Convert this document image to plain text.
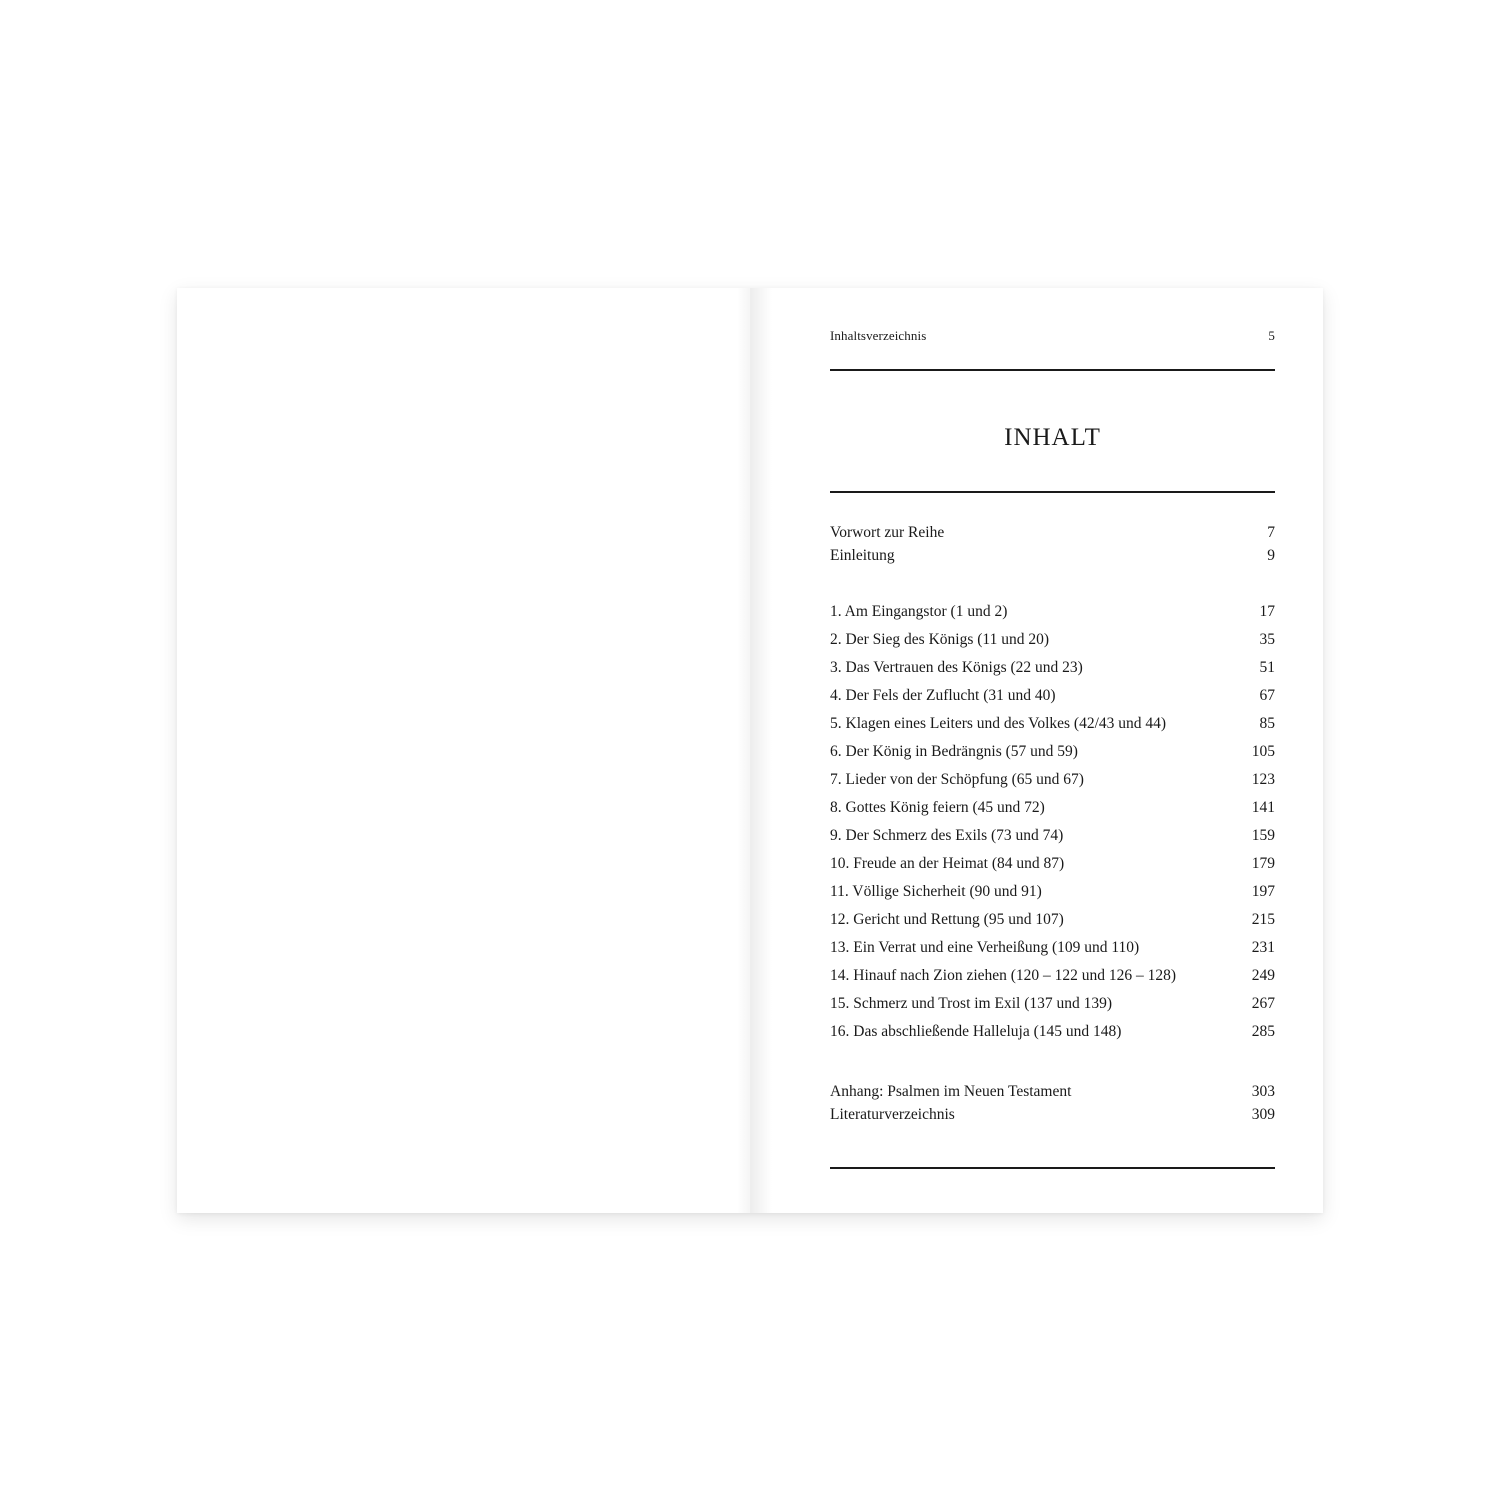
Inhaltsverzeichnis	5
INHALT
Vorwort zur Reihe	7
Einleitung	9
1. Am Eingangstor (1 und 2)	17
2. Der Sieg des Königs (11 und 20)	35
3. Das Vertrauen des Königs (22 und 23)	51
4. Der Fels der Zuflucht (31 und 40)	67
5. Klagen eines Leiters und des Volkes (42/43 und 44)	85
6. Der König in Bedrängnis (57 und 59)	105
7. Lieder von der Schöpfung (65 und 67)	123
8. Gottes König feiern (45 und 72)	141
9. Der Schmerz des Exils (73 und 74)	159
10. Freude an der Heimat (84 und 87)	179
11. Völlige Sicherheit (90 und 91)	197
12. Gericht und Rettung (95 und 107)	215
13. Ein Verrat und eine Verheißung (109 und 110)	231
14. Hinauf nach Zion ziehen (120 – 122 und 126 – 128)	249
15. Schmerz und Trost im Exil (137 und 139)	267
16. Das abschließende Halleluja (145 und 148)	285
Anhang: Psalmen im Neuen Testament	303
Literaturverzeichnis	309
